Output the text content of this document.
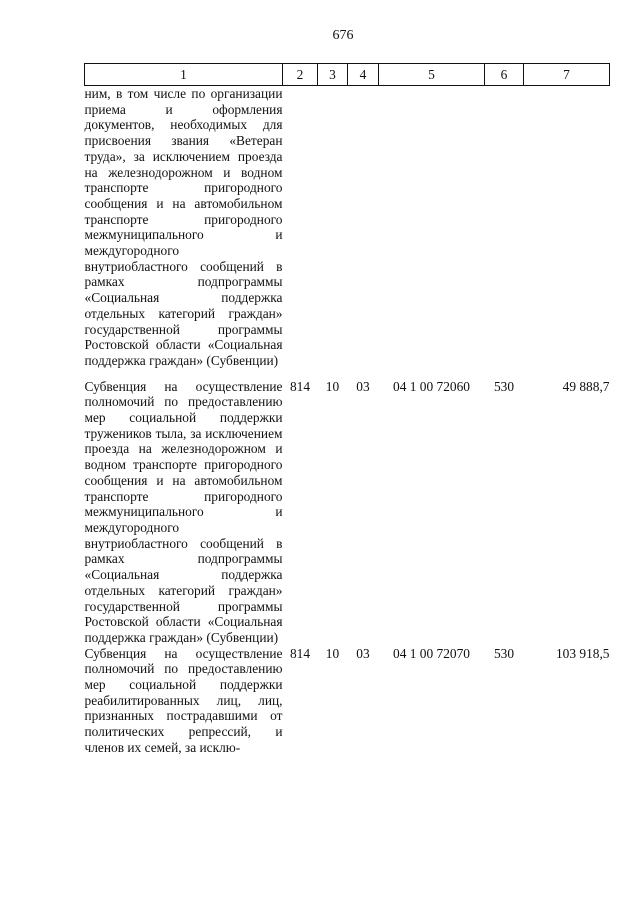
676
1	2	3	4	5	6	7
ним, в том числе по организации приема и оформления документов, необходимых для присвоения звания «Ветеран труда», за исключением проезда на железнодорожном и водном транспорте пригородного сообщения и на автомобильном транспорте пригородного межмуниципального и междугородного внутриобластного сообщений в рамках подпрограммы «Социальная поддержка отдельных категорий граждан» государственной программы Ростовской области «Социальная поддержка граждан» (Субвенции)						
Субвенция на осуществление полномочий по предоставлению мер социальной поддержки тружеников тыла, за исключением проезда на железнодорожном и водном транспорте пригородного сообщения и на автомобильном транспорте пригородного межмуниципального и междугородного внутриобластного сообщений в рамках подпрограммы «Социальная поддержка отдельных категорий граждан» государственной программы Ростовской области «Социальная поддержка граждан» (Субвенции)	814	10	03	04 1 00 72060	530	49 888,7
Субвенция на осуществление полномочий по предоставлению мер социальной поддержки реабилитированных лиц, лиц, признанных пострадавшими от политических репрессий, и членов их семей, за исклю-	814	10	03	04 1 00 72070	530	103 918,5
